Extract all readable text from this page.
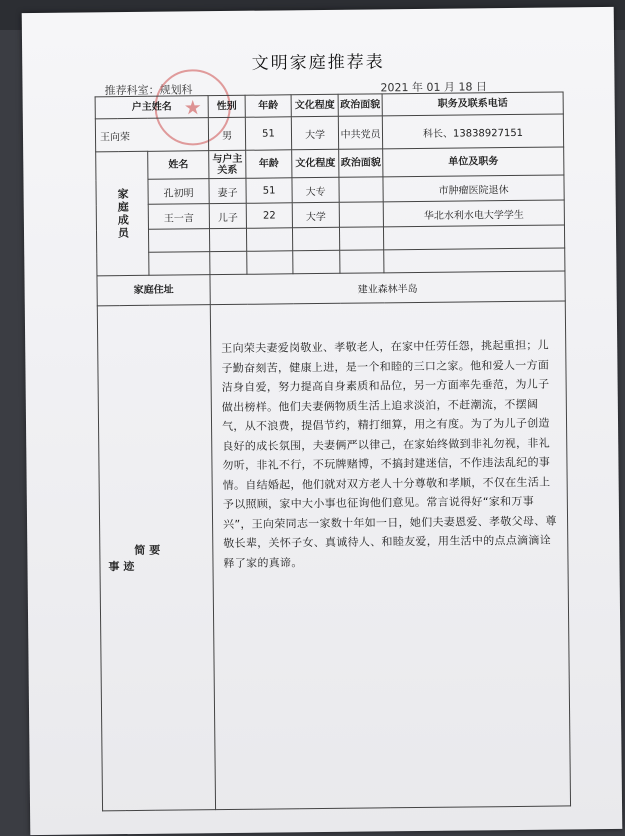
文明家庭推荐表
推荐科室：规划科	2021 年 01 月 18 日
★
户主姓名		性别	年龄	文化程度	政治面貌	职务及联系电话
王向荣		男	51	大学	中共党员	科长、13838927151

家庭成员	姓名	与户主关系	年龄	文化程度	政治面貌	单位及职务
	孔初明	妻子	51	大专		市肿瘤医院退休
	王一言	儿子	22	大学		华北水利水电大学学生

家庭住址		建业森林半岛				

简 要
事 迹		王向荣夫妻爱岗敬业、孝敬老人，在家中任劳任怨，挑起重担；儿子勤奋刻苦，健康上进，是一个和睦的三口之家。他和爱人一方面洁身自爱，努力提高自身素质和品位，另一方面率先垂范，为儿子做出榜样。他们夫妻俩物质生活上追求淡泊，不赶潮流，不摆阔气，从不浪费，提倡节约，精打细算，用之有度。为了为儿子创造良好的成长氛围，夫妻俩严以律己，在家始终做到非礼勿视，非礼勿听，非礼不行，不玩牌赌博，不搞封建迷信，不作违法乱纪的事情。自结婚起，他们就对双方老人十分尊敬和孝顺，不仅在生活上予以照顾，家中大小事也征询他们意见。常言说得好“家和万事兴”，王向荣同志一家数十年如一日，她们夫妻恩爱、孝敬父母、尊敬长辈，关怀子女、真诚待人、和睦友爱，用生活中的点点滴滴诠释了家的真谛。				
